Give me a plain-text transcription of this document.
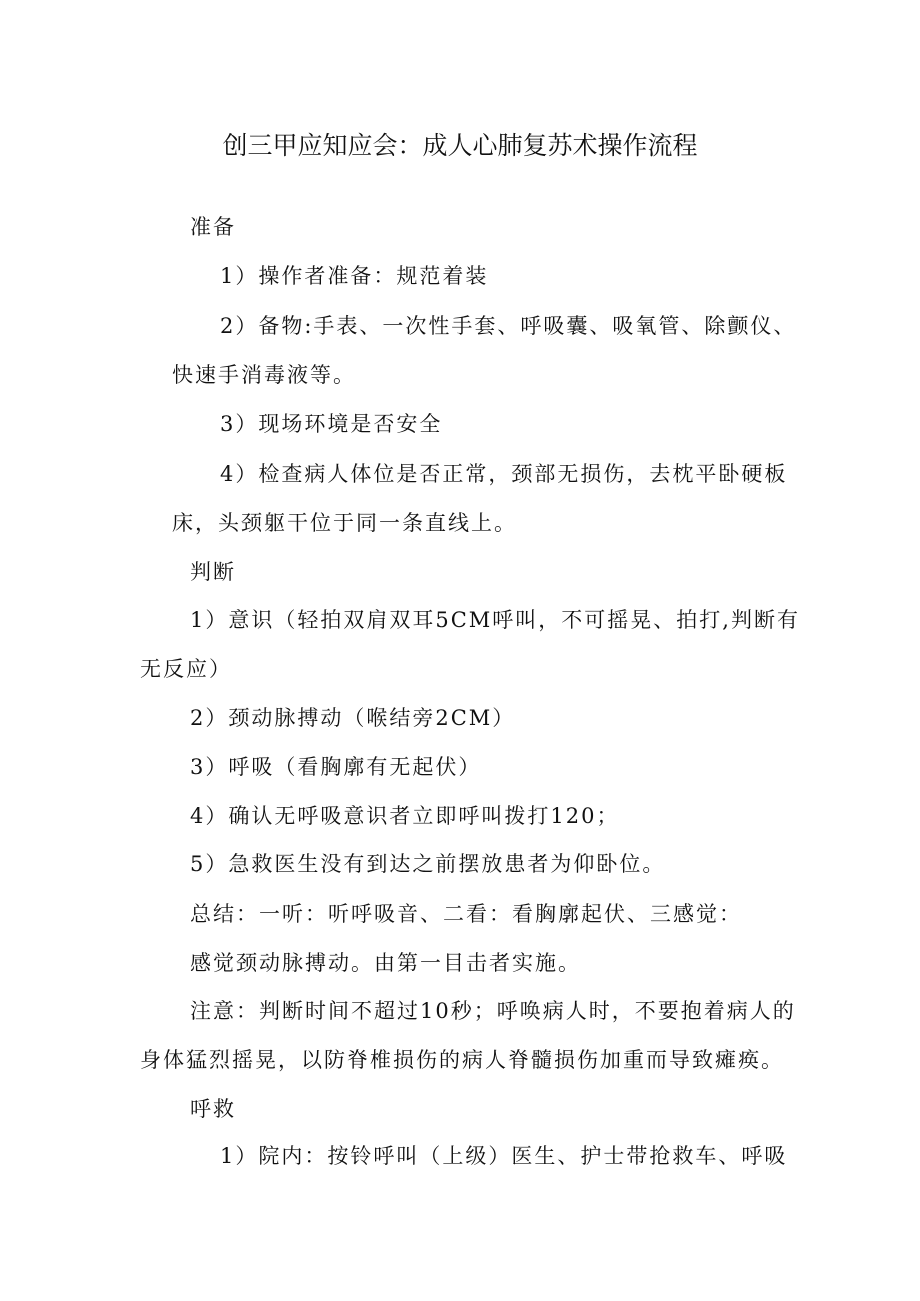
创三甲应知应会：成人心肺复苏术操作流程
准备
1）操作者准备：规范着装
2）备物:手表、一次性手套、呼吸囊、吸氧管、除颤仪、
快速手消毒液等。
3）现场环境是否安全
4）检查病人体位是否正常，颈部无损伤，去枕平卧硬板
床，头颈躯干位于同一条直线上。
判断
1）意识（轻拍双肩双耳5CM呼叫，不可摇晃、拍打,判断有
无反应）
2）颈动脉搏动（喉结旁2CM）
3）呼吸（看胸廓有无起伏）
4）确认无呼吸意识者立即呼叫拨打120；
5）急救医生没有到达之前摆放患者为仰卧位。
总结：一听：听呼吸音、二看：看胸廓起伏、三感觉：
感觉颈动脉搏动。由第一目击者实施。
注意：判断时间不超过10秒；呼唤病人时，不要抱着病人的
身体猛烈摇晃，以防脊椎损伤的病人脊髓损伤加重而导致瘫痪。
呼救
1）院内：按铃呼叫（上级）医生、护士带抢救车、呼吸
